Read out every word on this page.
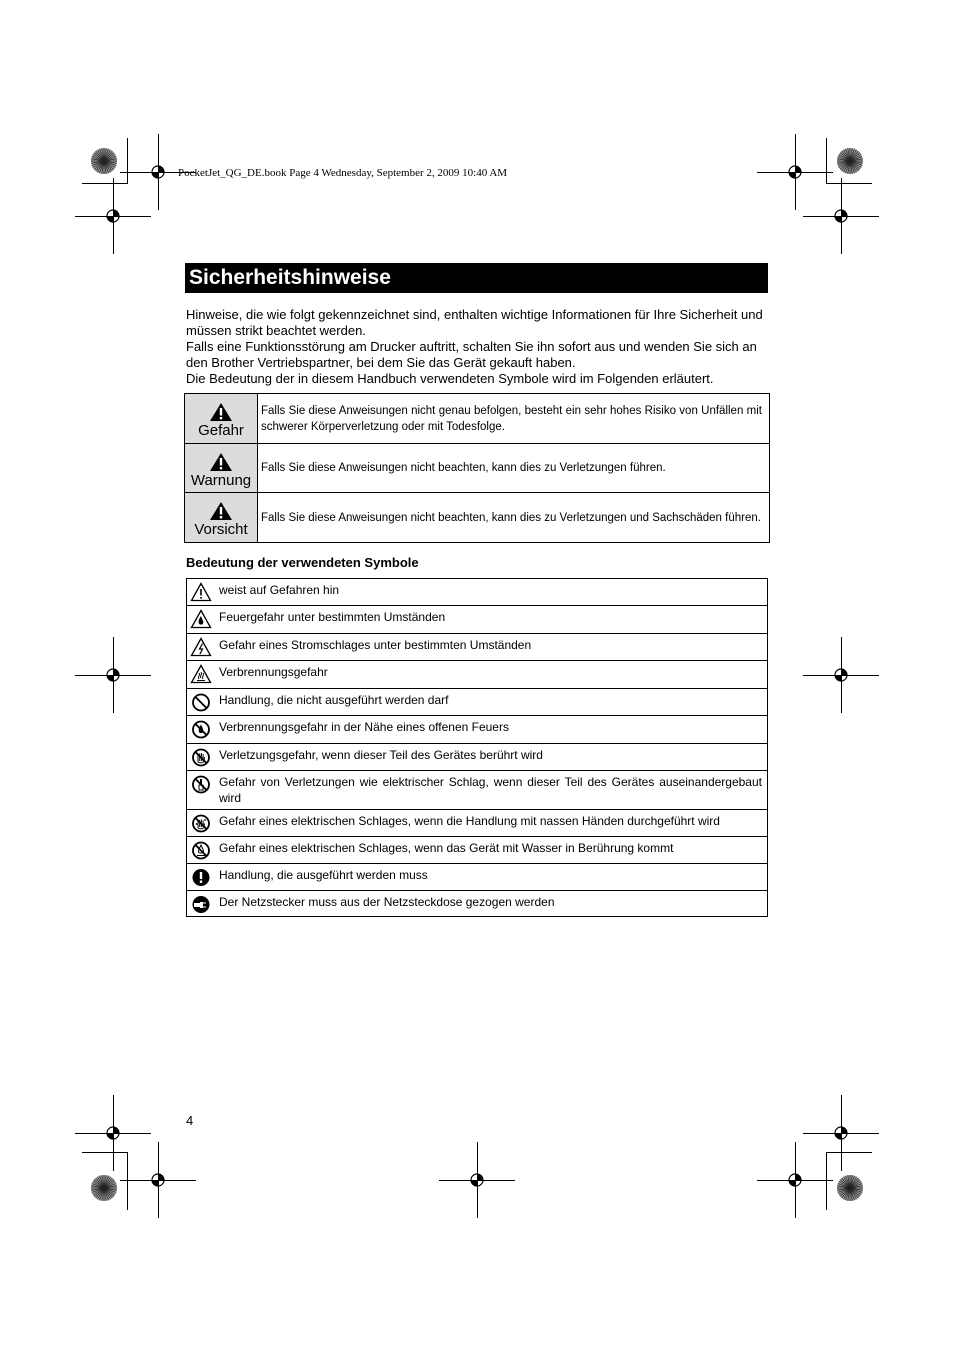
PocketJet_QG_DE.book Page 4 Wednesday, September 2, 2009 10:40 AM
Sicherheitshinweise

Hinweise, die wie folgt gekennzeichnet sind, enthalten wichtige Informationen für Ihre Sicherheit und müssen strikt beachtet werden.

Falls eine Funktionsstörung am Drucker auftritt, schalten Sie ihn sofort aus und wenden Sie sich an den Brother Vertriebspartner, bei dem Sie das Gerät gekauft haben.

Die Bedeutung der in diesem Handbuch verwendeten Symbole wird im Folgenden erläutert.

Gefahr	Falls Sie diese Anweisungen nicht genau befolgen, besteht ein sehr hohes Risiko von Unfällen mit schwerer Körperverletzung oder mit Todesfolge.

Warnung	Falls Sie diese Anweisungen nicht beachten, kann dies zu Verletzungen führen.

Vorsicht	Falls Sie diese Anweisungen nicht beachten, kann dies zu Verletzungen und Sachschäden führen.
Bedeutung der verwendeten Symbole
	weist auf Gefahren hin

	Feuergefahr unter bestimmten Umständen

	Gefahr eines Stromschlages unter bestimmten Umständen

	Verbrennungsgefahr

	Handlung, die nicht ausgeführt werden darf

	Verbrennungsgefahr in der Nähe eines offenen Feuers

	Verletzungsgefahr, wenn dieser Teil des Gerätes berührt wird

	Gefahr von Verletzungen wie elektrischer Schlag, wenn dieser Teil des Gerätes auseinandergebaut wird

	Gefahr eines elektrischen Schlages, wenn die Handlung mit nassen Händen durchgeführt wird

	Gefahr eines elektrischen Schlages, wenn das Gerät mit Wasser in Berührung kommt

	Handlung, die ausgeführt werden muss

	Der Netzstecker muss aus der Netzsteckdose gezogen werden
4
